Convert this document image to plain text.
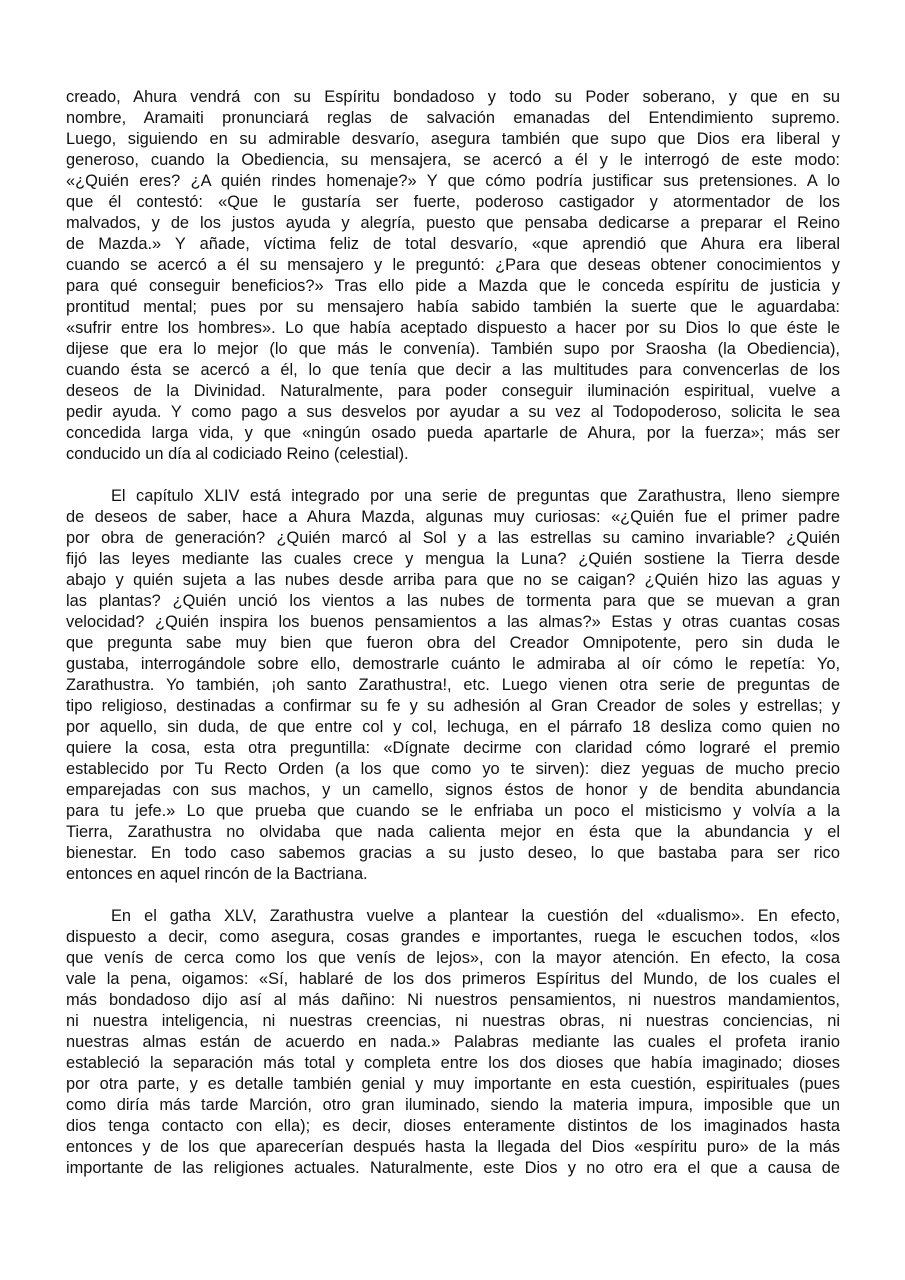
creado, Ahura vendrá con su Espíritu bondadoso y todo su Poder soberano, y que en su
nombre, Aramaiti pronunciará reglas de salvación emanadas del Entendimiento supremo.
Luego, siguiendo en su admirable desvarío, asegura también que supo que Dios era liberal y
generoso, cuando la Obediencia, su mensajera, se acercó a él y le interrogó de este modo:
«¿Quién eres? ¿A quién rindes homenaje?» Y que cómo podría justificar sus pretensiones. A lo
que él contestó: «Que le gustaría ser fuerte, poderoso castigador y atormentador de los
malvados, y de los justos ayuda y alegría, puesto que pensaba dedicarse a preparar el Reino
de Mazda.» Y añade, víctima feliz de total desvarío, «que aprendió que Ahura era liberal
cuando se acercó a él su mensajero y le preguntó: ¿Para que deseas obtener conocimientos y
para qué conseguir beneficios?» Tras ello pide a Mazda que le conceda espíritu de justicia y
prontitud mental; pues por su mensajero había sabido también la suerte que le aguardaba:
«sufrir entre los hombres». Lo que había aceptado dispuesto a hacer por su Dios lo que éste le
dijese que era lo mejor (lo que más le convenía). También supo por Sraosha (la Obediencia),
cuando ésta se acercó a él, lo que tenía que decir a las multitudes para convencerlas de los
deseos de la Divinidad. Naturalmente, para poder conseguir iluminación espiritual, vuelve a
pedir ayuda. Y como pago a sus desvelos por ayudar a su vez al Todopoderoso, solicita le sea
concedida larga vida, y que «ningún osado pueda apartarle de Ahura, por la fuerza»; más ser
conducido un día al codiciado Reino (celestial).
El capítulo XLIV está integrado por una serie de preguntas que Zarathustra, lleno siempre
de deseos de saber, hace a Ahura Mazda, algunas muy curiosas: «¿Quién fue el primer padre
por obra de generación? ¿Quién marcó al Sol y a las estrellas su camino invariable? ¿Quién
fijó las leyes mediante las cuales crece y mengua la Luna? ¿Quién sostiene la Tierra desde
abajo y quién sujeta a las nubes desde arriba para que no se caigan? ¿Quién hizo las aguas y
las plantas? ¿Quién unció los vientos a las nubes de tormenta para que se muevan a gran
velocidad? ¿Quién inspira los buenos pensamientos a las almas?» Estas y otras cuantas cosas
que pregunta sabe muy bien que fueron obra del Creador Omnipotente, pero sin duda le
gustaba, interrogándole sobre ello, demostrarle cuánto le admiraba al oír cómo le repetía: Yo,
Zarathustra. Yo también, ¡oh santo Zarathustra!, etc. Luego vienen otra serie de preguntas de
tipo religioso, destinadas a confirmar su fe y su adhesión al Gran Creador de soles y estrellas; y
por aquello, sin duda, de que entre col y col, lechuga, en el párrafo 18 desliza como quien no
quiere la cosa, esta otra preguntilla: «Dígnate decirme con claridad cómo lograré el premio
establecido por Tu Recto Orden (a los que como yo te sirven): diez yeguas de mucho precio
emparejadas con sus machos, y un camello, signos éstos de honor y de bendita abundancia
para tu jefe.» Lo que prueba que cuando se le enfriaba un poco el misticismo y volvía a la
Tierra, Zarathustra no olvidaba que nada calienta mejor en ésta que la abundancia y el
bienestar. En todo caso sabemos gracias a su justo deseo, lo que bastaba para ser rico
entonces en aquel rincón de la Bactriana.
En el gatha XLV, Zarathustra vuelve a plantear la cuestión del «dualismo». En efecto,
dispuesto a decir, como asegura, cosas grandes e importantes, ruega le escuchen todos, «los
que venís de cerca como los que venís de lejos», con la mayor atención. En efecto, la cosa
vale la pena, oigamos: «Sí, hablaré de los dos primeros Espíritus del Mundo, de los cuales el
más bondadoso dijo así al más dañino: Ni nuestros pensamientos, ni nuestros mandamientos,
ni nuestra inteligencia, ni nuestras creencias, ni nuestras obras, ni nuestras conciencias, ni
nuestras almas están de acuerdo en nada.» Palabras mediante las cuales el profeta iranio
estableció la separación más total y completa entre los dos dioses que había imaginado; dioses
por otra parte, y es detalle también genial y muy importante en esta cuestión, espirituales (pues
como diría más tarde Marción, otro gran iluminado, siendo la materia impura, imposible que un
dios tenga contacto con ella); es decir, dioses enteramente distintos de los imaginados hasta
entonces y de los que aparecerían después hasta la llegada del Dios «espíritu puro» de la más
importante de las religiones actuales. Naturalmente, este Dios y no otro era el que a causa de
